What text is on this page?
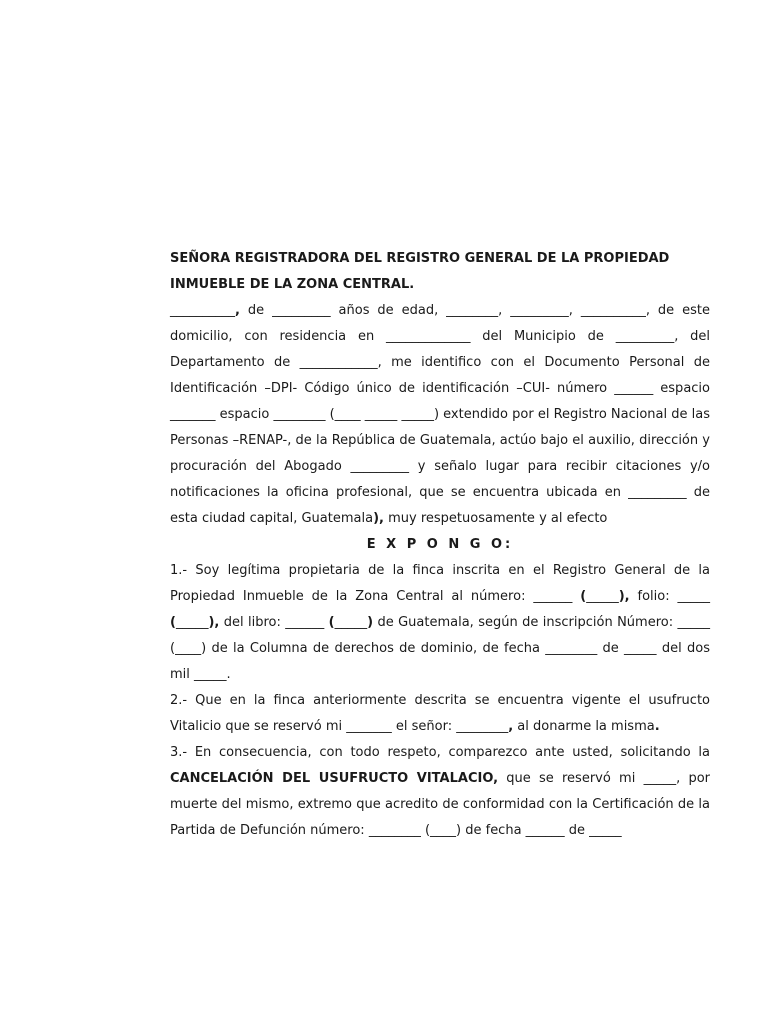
SEÑORA REGISTRADORA DEL REGISTRO GENERAL DE LA PROPIEDAD
INMUEBLE DE LA ZONA CENTRAL.

__________, de _________ años de edad, ________, _________, __________, de este domicilio, con residencia en _____________ del Municipio de _________, del Departamento de ____________, me identifico con el Documento Personal de Identificación –DPI- Código único de identificación –CUI- número ______ espacio _______ espacio ________ (____ _____ _____) extendido por el Registro Nacional de las Personas –RENAP-, de la República de Guatemala, actúo bajo el auxilio, dirección y procuración del Abogado _________ y señalo lugar para recibir citaciones y/o notificaciones la oficina profesional, que se encuentra ubicada en _________ de esta ciudad capital, Guatemala), muy respetuosamente y al efecto

E X P O N G O:

1.- Soy legítima propietaria de la finca inscrita en el Registro General de la Propiedad Inmueble de la Zona Central al número: ______ (_____), folio: _____ (_____), del libro: ______ (_____) de Guatemala, según de inscripción Número: _____ (____) de la Columna de derechos de dominio, de fecha ________ de _____ del dos mil _____.

2.- Que en la finca anteriormente descrita se encuentra vigente el usufructo Vitalicio que se reservó mi _______ el señor: ________, al donarme la misma.

3.- En consecuencia, con todo respeto, comparezco ante usted, solicitando la CANCELACIÓN DEL USUFRUCTO VITALACIO, que se reservó mi _____, por muerte del mismo, extremo que acredito de conformidad con la Certificación de la Partida de Defunción número: ________ (____) de fecha ______ de _____
